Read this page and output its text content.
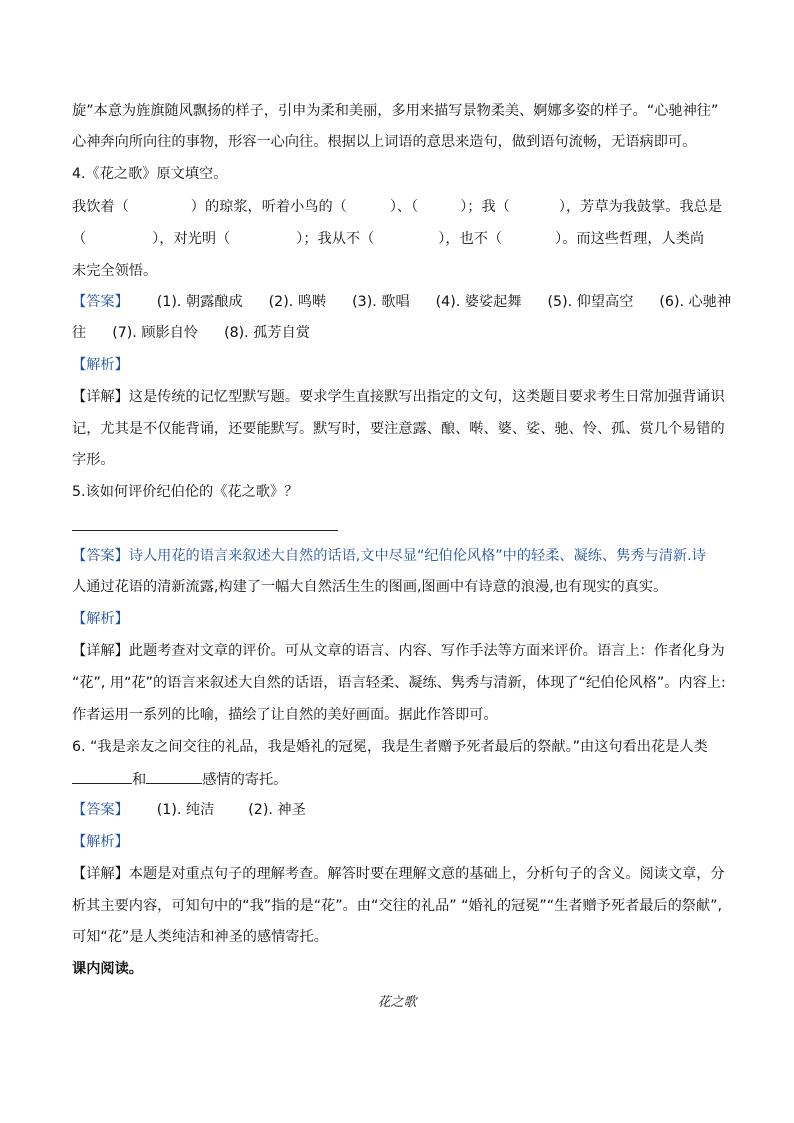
旋”本意为旌旗随风飘扬的样子，引申为柔和美丽，多用来描写景物柔美、婀娜多姿的样子。“心驰神往”
心神奔向所向往的事物，形容一心向往。根据以上词语的意思来造句，做到语句流畅，无语病即可。
4.《花之歌》原文填空。
我饮着（	）的琼浆，听着小鸟的（	）、（	）；我（	），芳草为我鼓掌。我总是
（	），对光明（	）；我从不（	），也不（	）。而这些哲理，人类尚
未完全领悟。
【答案】 (1). 朝露酿成 (2). 鸣啭 (3). 歌唱 (4). 婆娑起舞 (5). 仰望高空 (6). 心驰神
往 (7). 顾影自怜 (8). 孤芳自赏
【解析】
【详解】这是传统的记忆型默写题。要求学生直接默写出指定的文句，这类题目要求考生日常加强背诵识
记，尤其是不仅能背诵，还要能默写。默写时，要注意露、酿、啭、婆、娑、驰、怜、孤、赏几个易错的
字形。
5.该如何评价纪伯伦的《花之歌》？
【答案】诗人用花的语言来叙述大自然的话语,文中尽显“纪伯伦风格”中的轻柔、凝练、隽秀与清新.诗
人通过花语的清新流露,构建了一幅大自然活生生的图画,图画中有诗意的浪漫,也有现实的真实。
【解析】
【详解】此题考查对文章的评价。可从文章的语言、内容、写作手法等方面来评价。语言上：作者化身为
“花”, 用“花”的语言来叙述大自然的话语，语言轻柔、凝练、隽秀与清新，体现了“纪伯伦风格”。内容上:
作者运用一系列的比喻，描绘了让自然的美好画面。据此作答即可。
6. “我是亲友之间交往的礼品，我是婚礼的冠冕，我是生者赠予死者最后的祭献。”由这句看出花是人类
和	感情的寄托。
【答案】 (1). 纯洁 (2). 神圣
【解析】
【详解】本题是对重点句子的理解考查。解答时要在理解文意的基础上，分析句子的含义。阅读文章，分
析其主要内容，可知句中的“我”指的是“花”。由“交往的礼品” “婚礼的冠冕”“生者赠予死者最后的祭献”,
可知“花”是人类纯洁和神圣的感情寄托。
课内阅读。
花之歌
